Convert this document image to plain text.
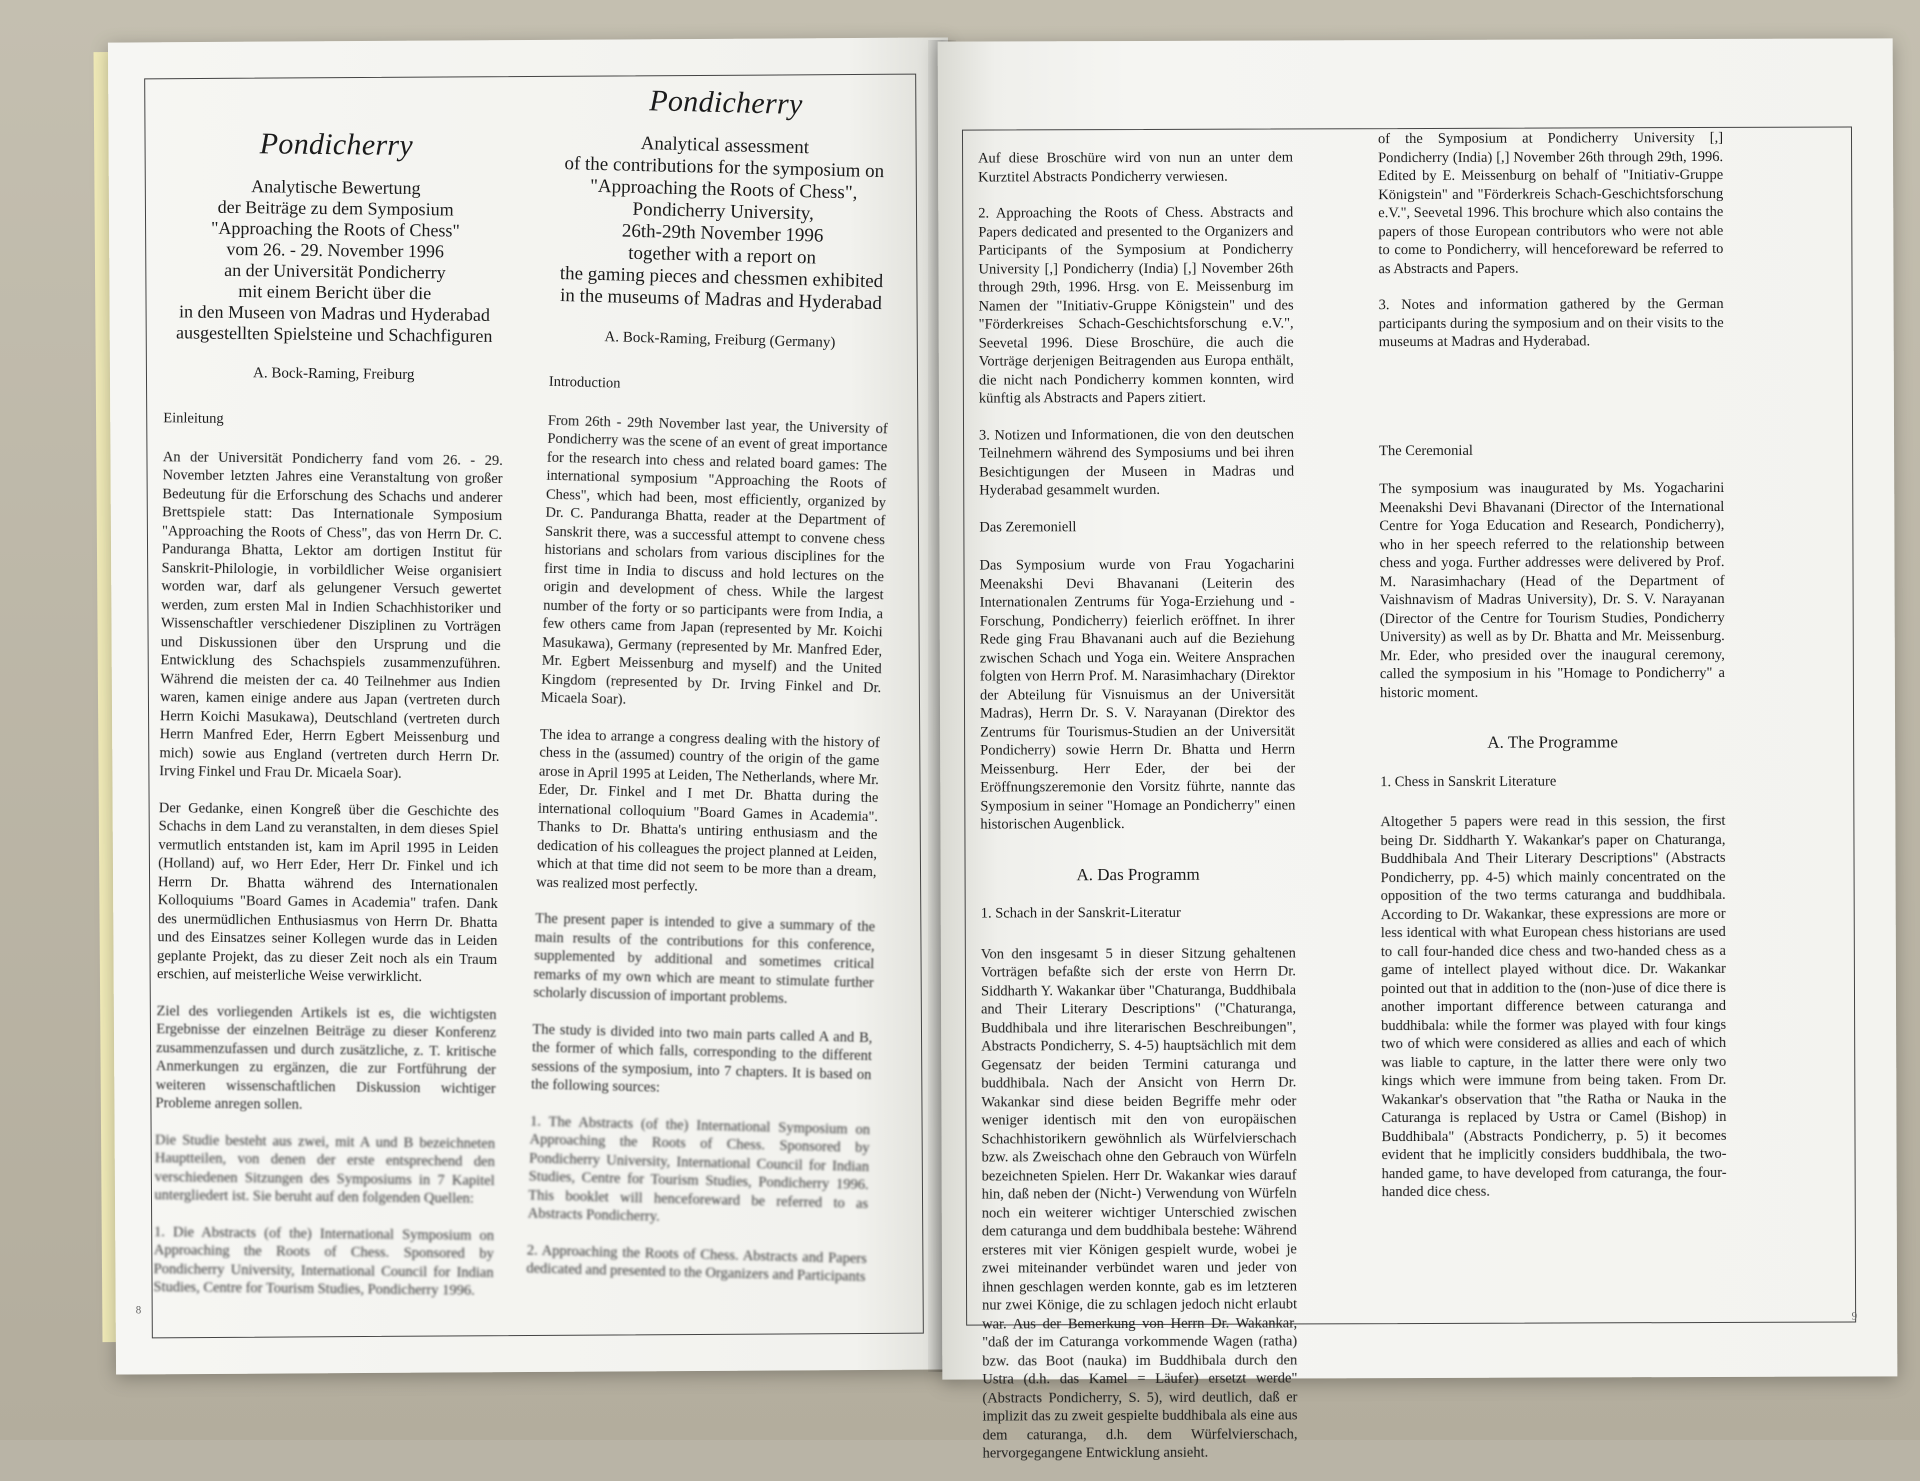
Pondicherry
Analytische Bewertung
der Beiträge zu dem Symposium
"Approaching the Roots of Chess"
vom 26. - 29. November 1996
an der Universität Pondicherry
mit einem Bericht über die
in den Museen von Madras und Hyderabad
ausgestellten Spielsteine und Schachfiguren
A. Bock-Raming, Freiburg
Einleitung

An der Universität Pondicherry fand vom 26. - 29. November letzten Jahres eine Veranstaltung von großer Bedeutung für die Erforschung des Schachs und anderer Brettspiele statt: Das Internationale Symposium "Approaching the Roots of Chess", das von Herrn Dr. C. Panduranga Bhatta, Lektor am dortigen Institut für Sanskrit-Philologie, in vorbildlicher Weise organisiert worden war, darf als gelungener Versuch gewertet werden, zum ersten Mal in Indien Schachhistoriker und Wissenschaftler verschiedener Disziplinen zu Vorträgen und Diskussionen über den Ursprung und die Entwicklung des Schachspiels zusammenzuführen. Während die meisten der ca. 40 Teilnehmer aus Indien waren, kamen einige andere aus Japan (vertreten durch Herrn Koichi Masukawa), Deutschland (vertreten durch Herrn Manfred Eder, Herrn Egbert Meissenburg und mich) sowie aus England (vertreten durch Herrn Dr. Irving Finkel und Frau Dr. Micaela Soar).

Der Gedanke, einen Kongreß über die Geschichte des Schachs in dem Land zu veranstalten, in dem dieses Spiel vermutlich entstanden ist, kam im April 1995 in Leiden (Holland) auf, wo Herr Eder, Herr Dr. Finkel und ich Herrn Dr. Bhatta während des Internationalen Kolloquiums "Board Games in Academia" trafen. Dank des unermüdlichen Enthusiasmus von Herrn Dr. Bhatta und des Einsatzes seiner Kollegen wurde das in Leiden geplante Projekt, das zu dieser Zeit noch als ein Traum erschien, auf meisterliche Weise verwirklicht.

Ziel des vorliegenden Artikels ist es, die wichtigsten Ergebnisse der einzelnen Beiträge zu dieser Konferenz zusammenzufassen und durch zusätzliche, z. T. kritische Anmerkungen zu ergänzen, die zur Fortführung der weiteren wissenschaftlichen Diskussion wichtiger Probleme anregen sollen.

Die Studie besteht aus zwei, mit A und B bezeichneten Hauptteilen, von denen der erste entsprechend den verschiedenen Sitzungen des Symposiums in 7 Kapitel untergliedert ist. Sie beruht auf den folgenden Quellen:

1. Die Abstracts (of the) International Symposium on Approaching the Roots of Chess. Sponsored by Pondicherry University, International Council for Indian Studies, Centre for Tourism Studies, Pondicherry 1996.

Pondicherry
Analytical assessment
of the contributions for the symposium on
"Approaching the Roots of Chess",
Pondicherry University,
26th-29th November 1996
together with a report on
the gaming pieces and chessmen exhibited
in the museums of Madras and Hyderabad
A. Bock-Raming, Freiburg (Germany)
Introduction

From 26th - 29th November last year, the University of Pondicherry was the scene of an event of great importance for the research into chess and related board games: The international symposium "Approaching the Roots of Chess", which had been, most efficiently, organized by Dr. C. Panduranga Bhatta, reader at the Department of Sanskrit there, was a successful attempt to convene chess historians and scholars from various disciplines for the first time in India to discuss and hold lectures on the origin and development of chess. While the largest number of the forty or so participants were from India, a few others came from Japan (represented by Mr. Koichi Masukawa), Germany (represented by Mr. Manfred Eder, Mr. Egbert Meissenburg and myself) and the United Kingdom (represented by Dr. Irving Finkel and Dr. Micaela Soar).

The idea to arrange a congress dealing with the history of chess in the (assumed) country of the origin of the game arose in April 1995 at Leiden, The Netherlands, where Mr. Eder, Dr. Finkel and I met Dr. Bhatta during the international colloquium "Board Games in Academia". Thanks to Dr. Bhatta's untiring enthusiasm and the dedication of his colleagues the project planned at Leiden, which at that time did not seem to be more than a dream, was realized most perfectly.

The present paper is intended to give a summary of the main results of the contributions for this conference, supplemented by additional and sometimes critical remarks of my own which are meant to stimulate further scholarly discussion of important problems.

The study is divided into two main parts called A and B, the former of which falls, corresponding to the different sessions of the symposium, into 7 chapters. It is based on the following sources:

1. The Abstracts (of the) International Symposium on Approaching the Roots of Chess. Sponsored by Pondicherry University, International Council for Indian Studies, Centre for Tourism Studies, Pondicherry 1996. This booklet will henceforeward be referred to as Abstracts Pondicherry.

2. Approaching the Roots of Chess. Abstracts and Papers dedicated and presented to the Organizers and Participants

8

Auf diese Broschüre wird von nun an unter dem Kurztitel Abstracts Pondicherry verwiesen.

2. Approaching the Roots of Chess. Abstracts and Papers dedicated and presented to the Organizers and Participants of the Symposium at Pondicherry University [,] Pondicherry (India) [,] November 26th through 29th, 1996. Hrsg. von E. Meissenburg im Namen der "Initiativ-Gruppe Königstein" und des "Förderkreises Schach-Geschichtsforschung e.V.", Seevetal 1996. Diese Broschüre, die auch die Vorträge derjenigen Beitragenden aus Europa enthält, die nicht nach Pondicherry kommen konnten, wird künftig als Abstracts and Papers zitiert.

3. Notizen und Informationen, die von den deutschen Teilnehmern während des Symposiums und bei ihren Besichtigungen der Museen in Madras und Hyderabad gesammelt wurden.

Das Zeremoniell

Das Symposium wurde von Frau Yogacharini Meenakshi Devi Bhavanani (Leiterin des Internationalen Zentrums für Yoga-Erziehung und -Forschung, Pondicherry) feierlich eröffnet. In ihrer Rede ging Frau Bhavanani auch auf die Beziehung zwischen Schach und Yoga ein. Weitere Ansprachen folgten von Herrn Prof. M. Narasimhachary (Direktor der Abteilung für Visnuismus an der Universität Madras), Herrn Dr. S. V. Narayanan (Direktor des Zentrums für Tourismus-Studien an der Universität Pondicherry) sowie Herrn Dr. Bhatta und Herrn Meissenburg. Herr Eder, der bei der Eröffnungszeremonie den Vorsitz führte, nannte das Symposium in seiner "Homage an Pondicherry" einen historischen Augenblick.

A. Das Programm
1. Schach in der Sanskrit-Literatur

Von den insgesamt 5 in dieser Sitzung gehaltenen Vorträgen befaßte sich der erste von Herrn Dr. Siddharth Y. Wakankar über "Chaturanga, Buddhibala and Their Literary Descriptions" ("Chaturanga, Buddhibala und ihre literarischen Beschreibungen", Abstracts Pondicherry, S. 4-5) hauptsächlich mit dem Gegensatz der beiden Termini caturanga und buddhibala. Nach der Ansicht von Herrn Dr. Wakankar sind diese beiden Begriffe mehr oder weniger identisch mit den von europäischen Schachhistorikern gewöhnlich als Würfelvierschach bzw. als Zweischach ohne den Gebrauch von Würfeln bezeichneten Spielen. Herr Dr. Wakankar wies darauf hin, daß neben der (Nicht-) Verwendung von Würfeln noch ein weiterer wichtiger Unterschied zwischen dem caturanga und dem buddhibala bestehe: Während ersteres mit vier Königen gespielt wurde, wobei je zwei miteinander verbündet waren und jeder von ihnen geschlagen werden konnte, gab es im letzteren nur zwei Könige, die zu schlagen jedoch nicht erlaubt war. Aus der Bemerkung von Herrn Dr. Wakankar, "daß der im Caturanga vorkommende Wagen (ratha) bzw. das Boot (nauka) im Buddhibala durch den Ustra (d.h. das Kamel = Läufer) ersetzt werde" (Abstracts Pondicherry, S. 5), wird deutlich, daß er implizit das zu zweit gespielte buddhibala als eine aus dem caturanga, d.h. dem Würfelvierschach, hervorgegangene Entwicklung ansieht.

of the Symposium at Pondicherry University [,] Pondicherry (India) [,] November 26th through 29th, 1996. Edited by E. Meissenburg on behalf of "Initiativ-Gruppe Königstein" and "Förderkreis Schach-Geschichtsforschung e.V.", Seevetal 1996. This brochure which also contains the papers of those European contributors who were not able to come to Pondicherry, will henceforeward be referred to as Abstracts and Papers.

3. Notes and information gathered by the German participants during the symposium and on their visits to the museums at Madras and Hyderabad.

The Ceremonial

The symposium was inaugurated by Ms. Yogacharini Meenakshi Devi Bhavanani (Director of the International Centre for Yoga Education and Research, Pondicherry), who in her speech referred to the relationship between chess and yoga. Further addresses were delivered by Prof. M. Narasimhachary (Head of the Department of Vaishnavism of Madras University), Dr. S. V. Narayanan (Director of the Centre for Tourism Studies, Pondicherry University) as well as by Dr. Bhatta and Mr. Meissenburg. Mr. Eder, who presided over the inaugural ceremony, called the symposium in his "Homage to Pondicherry" a historic moment.

A. The Programme
1. Chess in Sanskrit Literature

Altogether 5 papers were read in this session, the first being Dr. Siddharth Y. Wakankar's paper on Chaturanga, Buddhibala And Their Literary Descriptions" (Abstracts Pondicherry, pp. 4-5) which mainly concentrated on the opposition of the two terms caturanga and buddhibala. According to Dr. Wakankar, these expressions are more or less identical with what European chess historians are used to call four-handed dice chess and two-handed chess as a game of intellect played without dice. Dr. Wakankar pointed out that in addition to the (non-)use of dice there is another important difference between caturanga and buddhibala: while the former was played with four kings two of which were considered as allies and each of which was liable to capture, in the latter there were only two kings which were immune from being taken. From Dr. Wakankar's observation that "the Ratha or Nauka in the Caturanga is replaced by Ustra or Camel (Bishop) in Buddhibala" (Abstracts Pondicherry, p. 5) it becomes evident that he implicitly considers buddhibala, the two-handed game, to have developed from caturanga, the four-handed dice chess.

9
